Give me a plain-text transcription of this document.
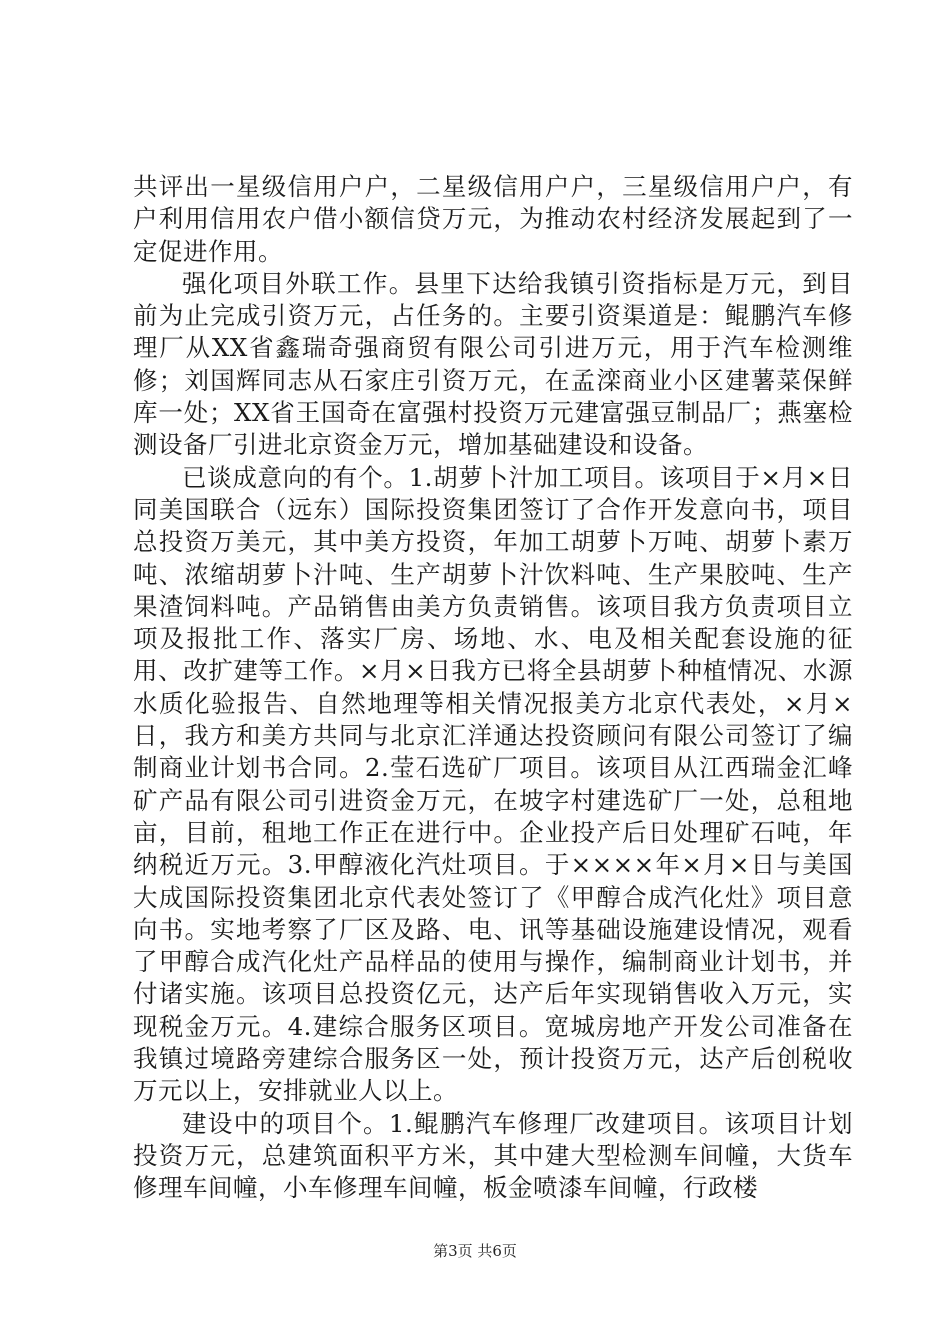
共评出一星级信用户户，二星级信用户户，三星级信用户户，有户利用信用农户借小额信贷万元，为推动农村经济发展起到了一定促进作用。

强化项目外联工作。县里下达给我镇引资指标是万元，到目前为止完成引资万元，占任务的。主要引资渠道是：鲲鹏汽车修理厂从XX省鑫瑞奇强商贸有限公司引进万元，用于汽车检测维修；刘国辉同志从石家庄引资万元，在孟滦商业小区建薯菜保鲜库一处；XX省王国奇在富强村投资万元建富强豆制品厂；燕塞检测设备厂引进北京资金万元，增加基础建设和设备。

已谈成意向的有个。1.胡萝卜汁加工项目。该项目于×月×日同美国联合（远东）国际投资集团签订了合作开发意向书，项目总投资万美元，其中美方投资，年加工胡萝卜万吨、胡萝卜素万吨、浓缩胡萝卜汁吨、生产胡萝卜汁饮料吨、生产果胶吨、生产果渣饲料吨。产品销售由美方负责销售。该项目我方负责项目立项及报批工作、落实厂房、场地、水、电及相关配套设施的征用、改扩建等工作。×月×日我方已将全县胡萝卜种植情况、水源水质化验报告、自然地理等相关情况报美方北京代表处，×月×日，我方和美方共同与北京汇洋通达投资顾问有限公司签订了编制商业计划书合同。2.莹石选矿厂项目。该项目从江西瑞金汇峰矿产品有限公司引进资金万元，在坡字村建选矿厂一处，总租地亩，目前，租地工作正在进行中。企业投产后日处理矿石吨，年纳税近万元。3.甲醇液化汽灶项目。于××××年×月×日与美国大成国际投资集团北京代表处签订了《甲醇合成汽化灶》项目意向书。实地考察了厂区及路、电、讯等基础设施建设情况，观看了甲醇合成汽化灶产品样品的使用与操作，编制商业计划书，并付诸实施。该项目总投资亿元，达产后年实现销售收入万元，实现税金万元。4.建综合服务区项目。宽城房地产开发公司准备在我镇过境路旁建综合服务区一处，预计投资万元，达产后创税收万元以上，安排就业人以上。

建设中的项目个。1.鲲鹏汽车修理厂改建项目。该项目计划投资万元，总建筑面积平方米，其中建大型检测车间幢，大货车修理车间幢，小车修理车间幢，板金喷漆车间幢，行政楼

第3页 共6页
